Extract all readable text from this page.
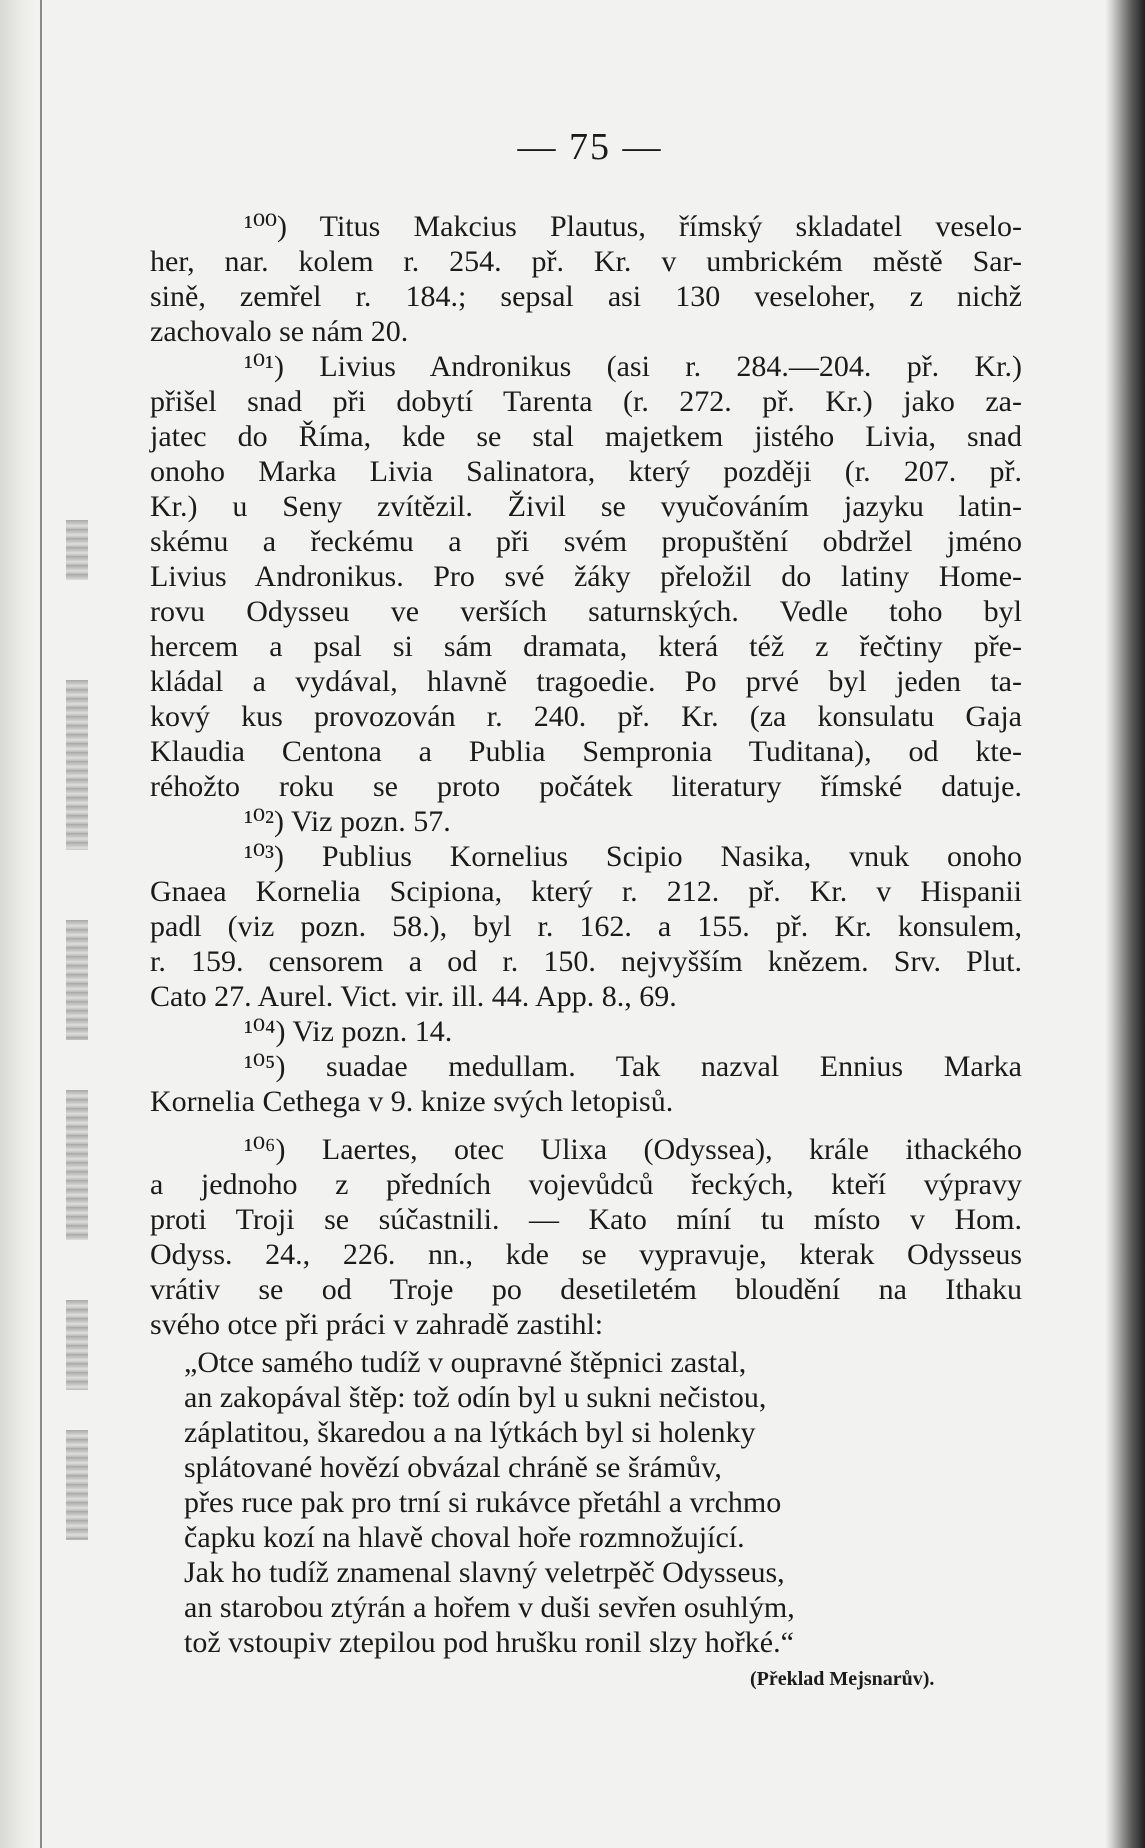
— 75 —
¹⁰⁰) Titus Makcius Plautus, římský skladatel veselo-
her, nar. kolem r. 254. př. Kr. v umbrickém městě Sar-
sině, zemřel r. 184.; sepsal asi 130 veseloher, z nichž
zachovalo se nám 20.
¹⁰¹) Livius Andronikus (asi r. 284.—204. př. Kr.)
přišel snad při dobytí Tarenta (r. 272. př. Kr.) jako za-
jatec do Říma, kde se stal majetkem jistého Livia, snad
onoho Marka Livia Salinatora, který později (r. 207. př.
Kr.) u Seny zvítězil. Živil se vyučováním jazyku latin-
skému a řeckému a při svém propuštění obdržel jméno
Livius Andronikus. Pro své žáky přeložil do latiny Home-
rovu Odysseu ve verších saturnských. Vedle toho byl
hercem a psal si sám dramata, která též z řečtiny pře-
kládal a vydával, hlavně tragoedie. Po prvé byl jeden ta-
kový kus provozován r. 240. př. Kr. (za konsulatu Gaja
Klaudia Centona a Publia Sempronia Tuditana), od kte-
réhožto roku se proto počátek literatury římské datuje.
¹⁰²) Viz pozn. 57.
¹⁰³) Publius Kornelius Scipio Nasika, vnuk onoho
Gnaea Kornelia Scipiona, který r. 212. př. Kr. v Hispanii
padl (viz pozn. 58.), byl r. 162. a 155. př. Kr. konsulem,
r. 159. censorem a od r. 150. nejvyšším knězem. Srv. Plut.
Cato 27. Aurel. Vict. vir. ill. 44. App. 8., 69.
¹⁰⁴) Viz pozn. 14.
¹⁰⁵) suadae medullam. Tak nazval Ennius Marka
Kornelia Cethega v 9. knize svých letopisů.
¹⁰⁶) Laertes, otec Ulixa (Odyssea), krále ithackého
a jednoho z předních vojevůdců řeckých, kteří výpravy
proti Troji se súčastnili. — Kato míní tu místo v Hom.
Odyss. 24., 226. nn., kde se vypravuje, kterak Odysseus
vrátiv se od Troje po desetiletém bloudění na Ithaku
svého otce při práci v zahradě zastihl:
„Otce samého tudíž v oupravné štěpnici zastal,
an zakopával štěp: tož odín byl u sukni nečistou,
záplatitou, škaredou a na lýtkách byl si holenky
splátované hovězí obvázal chráně se šrámův,
přes ruce pak pro trní si rukávce přetáhl a vrchmo
čapku kozí na hlavě choval hoře rozmnožující.
Jak ho tudíž znamenal slavný veletrpěč Odysseus,
an starobou ztýrán a hořem v duši sevřen osuhlým,
tož vstoupiv ztepilou pod hrušku ronil slzy hořké.“
(Překlad Mejsnarův).
